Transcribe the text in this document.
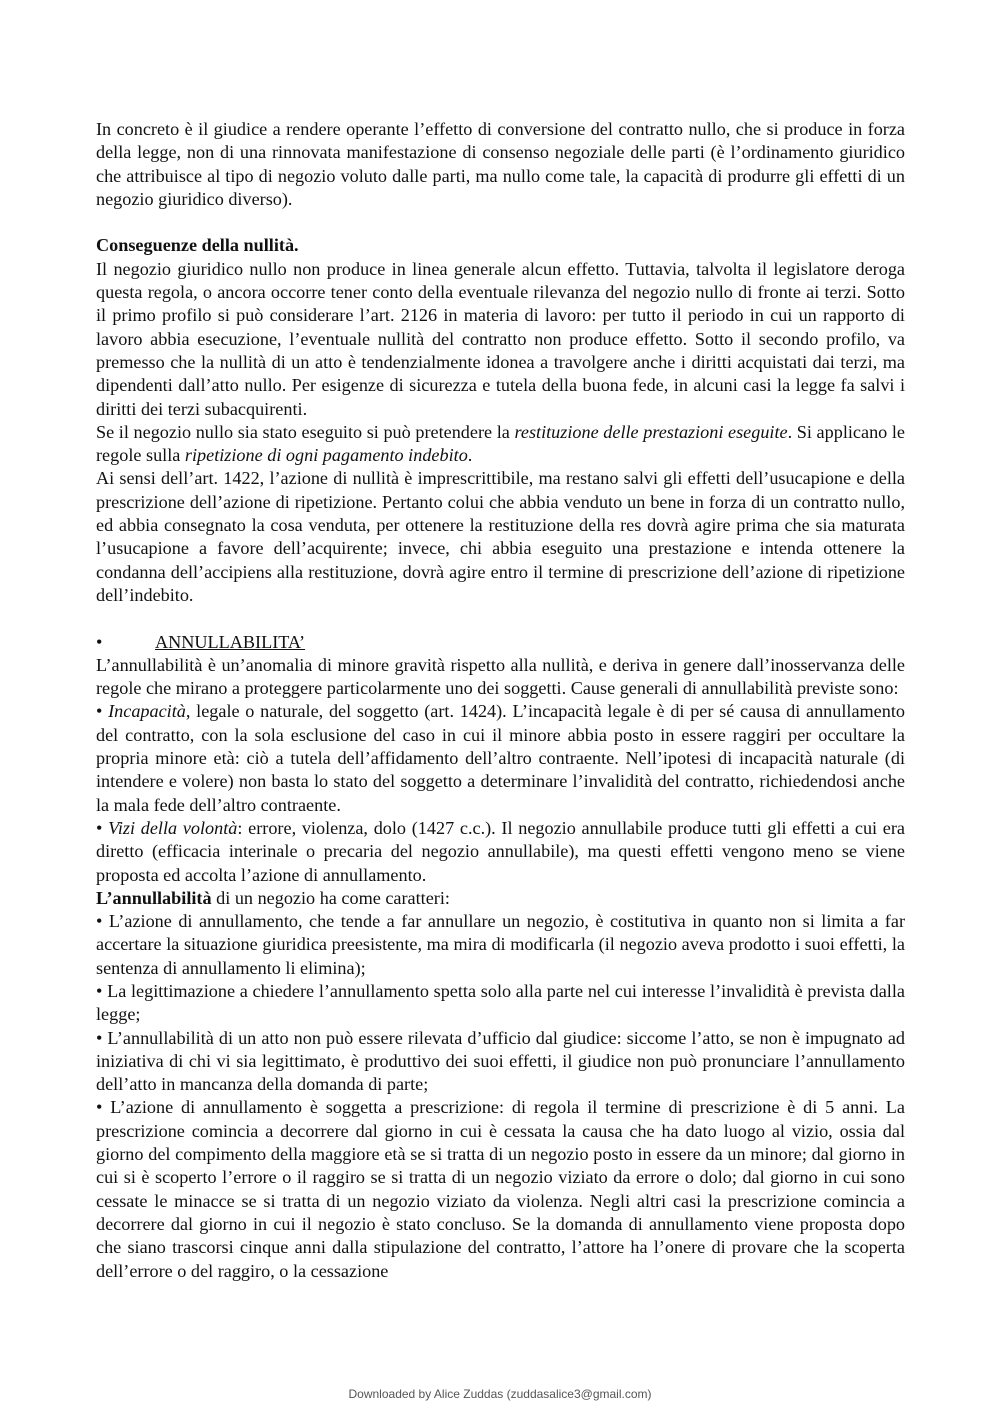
In concreto è il giudice a rendere operante l’effetto di conversione del contratto nullo, che si produce in forza della legge, non di una rinnovata manifestazione di consenso negoziale delle parti (è l’ordinamento giuridico che attribuisce al tipo di negozio voluto dalle parti, ma nullo come tale, la capacità di produrre gli effetti di un negozio giuridico diverso).

Conseguenze della nullità.

Il negozio giuridico nullo non produce in linea generale alcun effetto. Tuttavia, talvolta il legislatore deroga questa regola, o ancora occorre tener conto della eventuale rilevanza del negozio nullo di fronte ai terzi. Sotto il primo profilo si può considerare l’art. 2126 in materia di lavoro: per tutto il periodo in cui un rapporto di lavoro abbia esecuzione, l’eventuale nullità del contratto non produce effetto. Sotto il secondo profilo, va premesso che la nullità di un atto è tendenzialmente idonea a travolgere anche i diritti acquistati dai terzi, ma dipendenti dall’atto nullo. Per esigenze di sicurezza e tutela della buona fede, in alcuni casi la legge fa salvi i diritti dei terzi subacquirenti.

Se il negozio nullo sia stato eseguito si può pretendere la restituzione delle prestazioni eseguite. Si applicano le regole sulla ripetizione di ogni pagamento indebito.

Ai sensi dell’art. 1422, l’azione di nullità è imprescrittibile, ma restano salvi gli effetti dell’usucapione e della prescrizione dell’azione di ripetizione. Pertanto colui che abbia venduto un bene in forza di un contratto nullo, ed abbia consegnato la cosa venduta, per ottenere la restituzione della res dovrà agire prima che sia maturata l’usucapione a favore dell’acquirente; invece, chi abbia eseguito una prestazione e intenda ottenere la condanna dell’accipiens alla restituzione, dovrà agire entro il termine di prescrizione dell’azione di ripetizione dell’indebito.

•	ANNULLABILITA’

L’annullabilità è un’anomalia di minore gravità rispetto alla nullità, e deriva in genere dall’inosservanza delle regole che mirano a proteggere particolarmente uno dei soggetti. Cause generali di annullabilità previste sono:

• Incapacità, legale o naturale, del soggetto (art. 1424). L’incapacità legale è di per sé causa di annullamento del contratto, con la sola esclusione del caso in cui il minore abbia posto in essere raggiri per occultare la propria minore età: ciò a tutela dell’affidamento dell’altro contraente. Nell’ipotesi di incapacità naturale (di intendere e volere) non basta lo stato del soggetto a determinare l’invalidità del contratto, richiedendosi anche la mala fede dell’altro contraente.

• Vizi della volontà: errore, violenza, dolo (1427 c.c.). Il negozio annullabile produce tutti gli effetti a cui era diretto (efficacia interinale o precaria del negozio annullabile), ma questi effetti vengono meno se viene proposta ed accolta l’azione di annullamento.

L’annullabilità di un negozio ha come caratteri:

• L’azione di annullamento, che tende a far annullare un negozio, è costitutiva in quanto non si limita a far accertare la situazione giuridica preesistente, ma mira di modificarla (il negozio aveva prodotto i suoi effetti, la sentenza di annullamento li elimina);

• La legittimazione a chiedere l’annullamento spetta solo alla parte nel cui interesse l’invalidità è prevista dalla legge;

• L’annullabilità di un atto non può essere rilevata d’ufficio dal giudice: siccome l’atto, se non è impugnato ad iniziativa di chi vi sia legittimato, è produttivo dei suoi effetti, il giudice non può pronunciare l’annullamento dell’atto in mancanza della domanda di parte;

• L’azione di annullamento è soggetta a prescrizione: di regola il termine di prescrizione è di 5 anni. La prescrizione comincia a decorrere dal giorno in cui è cessata la causa che ha dato luogo al vizio, ossia dal giorno del compimento della maggiore età se si tratta di un negozio posto in essere da un minore; dal giorno in cui si è scoperto l’errore o il raggiro se si tratta di un negozio viziato da errore o dolo; dal giorno in cui sono cessate le minacce se si tratta di un negozio viziato da violenza. Negli altri casi la prescrizione comincia a decorrere dal giorno in cui il negozio è stato concluso. Se la domanda di annullamento viene proposta dopo che siano trascorsi cinque anni dalla stipulazione del contratto, l’attore ha l’onere di provare che la scoperta dell’errore o del raggiro, o la cessazione

Downloaded by Alice Zuddas (zuddasalice3@gmail.com)
